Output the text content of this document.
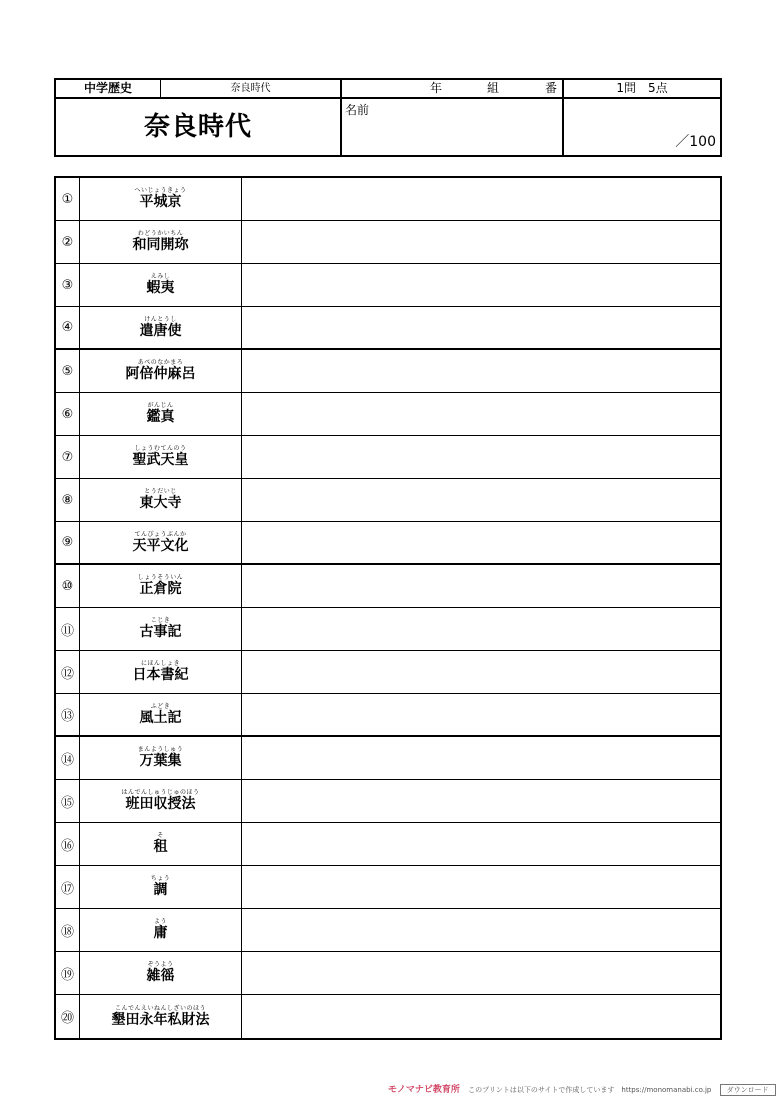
中学歴史	奈良時代	年	組	番	1問　5点
奈良時代
名前
／100
①
へいじょうきょう
平城京
②
わどうかいちん
和同開珎
③
えみし
蝦夷
④
けんとうし
遣唐使
⑤
あべのなかまろ
阿倍仲麻呂
⑥
がんじん
鑑真
⑦
しょうむてんのう
聖武天皇
⑧
とうだいじ
東大寺
⑨
てんぴょうぶんか
天平文化
⑩
しょうそういん
正倉院
⑪
こじき
古事記
⑫
にほんしょき
日本書紀
⑬
ふどき
風土記
⑭
まんようしゅう
万葉集
⑮
はんでんしゅうじゅのほう
班田収授法
⑯
そ
租
⑰
ちょう
調
⑱
よう
庸
⑲
ぞうよう
雑徭
⑳
こんでんえいねんしざいのほう
墾田永年私財法
モノマナビ教育所 このプリントは以下のサイトで作成しています　https://monomanabi.co.jp ダウンロード
